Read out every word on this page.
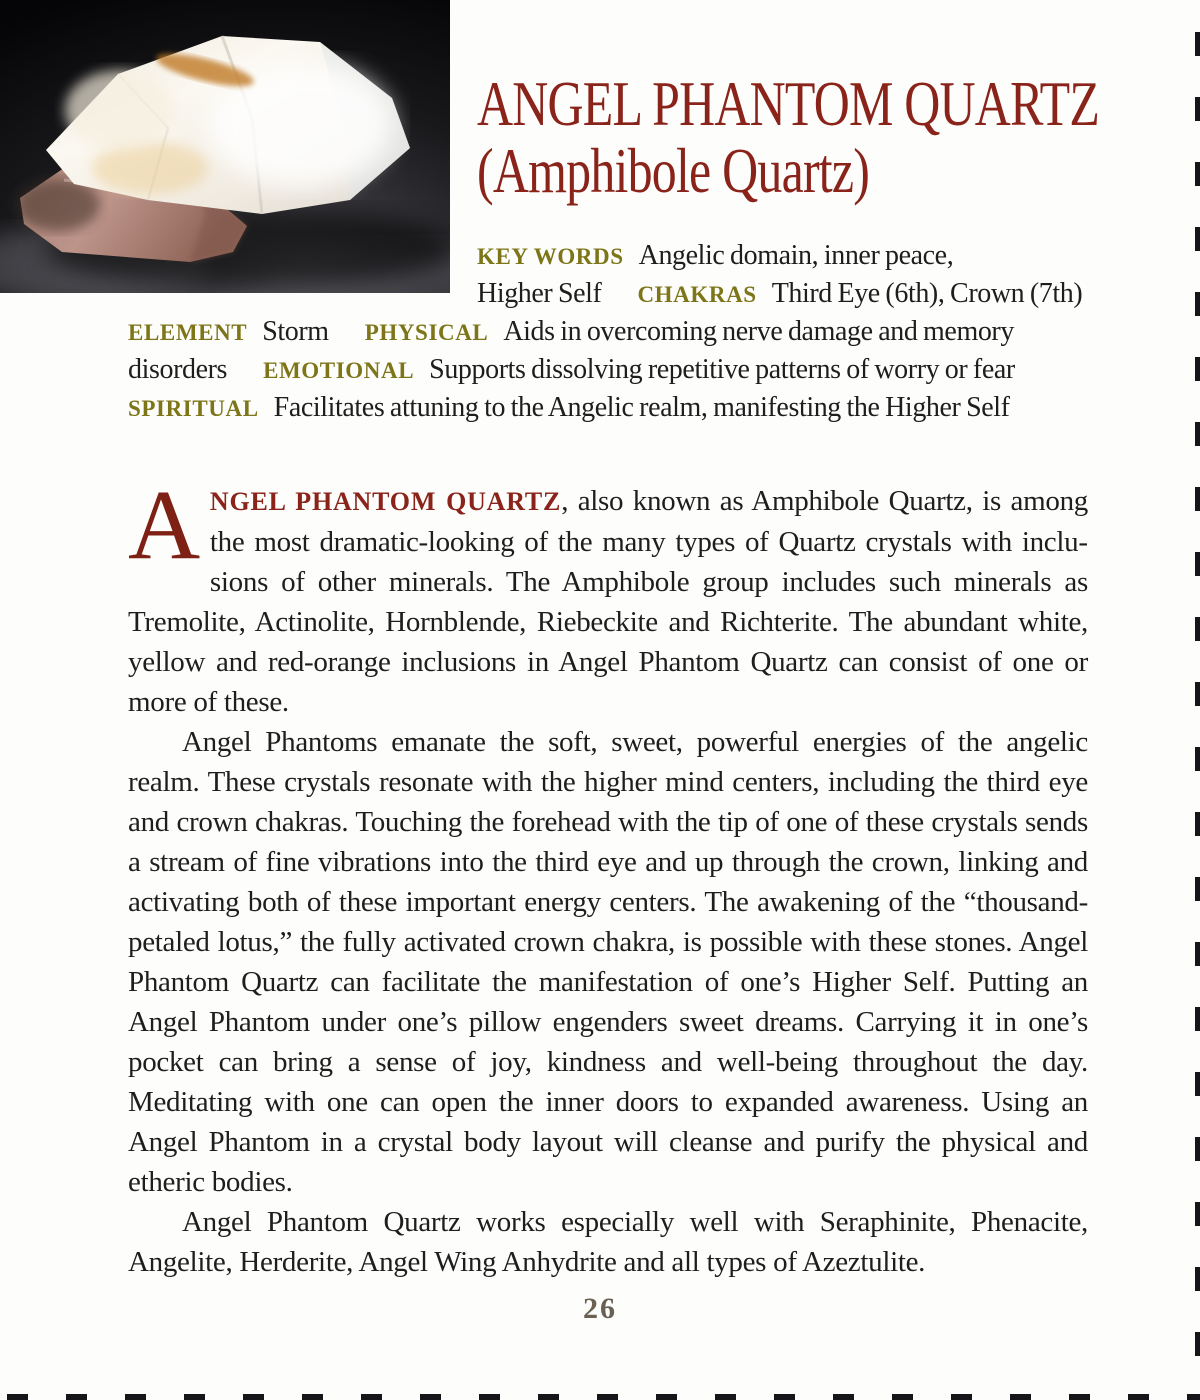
ANGEL PHANTOM QUARTZ
(Amphibole Quartz)
KEY WORDS Angelic domain, inner peace,
Higher Self CHAKRAS Third Eye (6th), Crown (7th)
ELEMENT Storm PHYSICAL Aids in overcoming nerve damage and memory
disorders EMOTIONAL Supports dissolving repetitive patterns of worry or fear
SPIRITUAL Facilitates attuning to the Angelic realm, manifesting the Higher Self

ANGEL PHANTOM QUARTZ, also known as Amphibole Quartz, is among the most dramatic-looking of the many types of Quartz crystals with inclusions of other minerals. The Amphibole group includes such minerals as Tremolite, Actinolite, Hornblende, Riebeckite and Richterite. The abundant white, yellow and red-orange inclusions in Angel Phantom Quartz can consist of one or more of these.

Angel Phantoms emanate the soft, sweet, powerful energies of the angelic realm. These crystals resonate with the higher mind centers, including the third eye and crown chakras. Touching the forehead with the tip of one of these crystals sends a stream of fine vibrations into the third eye and up through the crown, linking and activating both of these important energy centers. The awakening of the “thousand-petaled lotus,” the fully activated crown chakra, is possible with these stones. Angel Phantom Quartz can facilitate the manifestation of one’s Higher Self. Putting an Angel Phantom under one’s pillow engenders sweet dreams. Carrying it in one’s pocket can bring a sense of joy, kindness and well-being throughout the day. Meditating with one can open the inner doors to expanded awareness. Using an Angel Phantom in a crystal body layout will cleanse and purify the physical and etheric bodies.

Angel Phantom Quartz works especially well with Seraphinite, Phenacite, Angelite, Herderite, Angel Wing Anhydrite and all types of Azeztulite.

26
